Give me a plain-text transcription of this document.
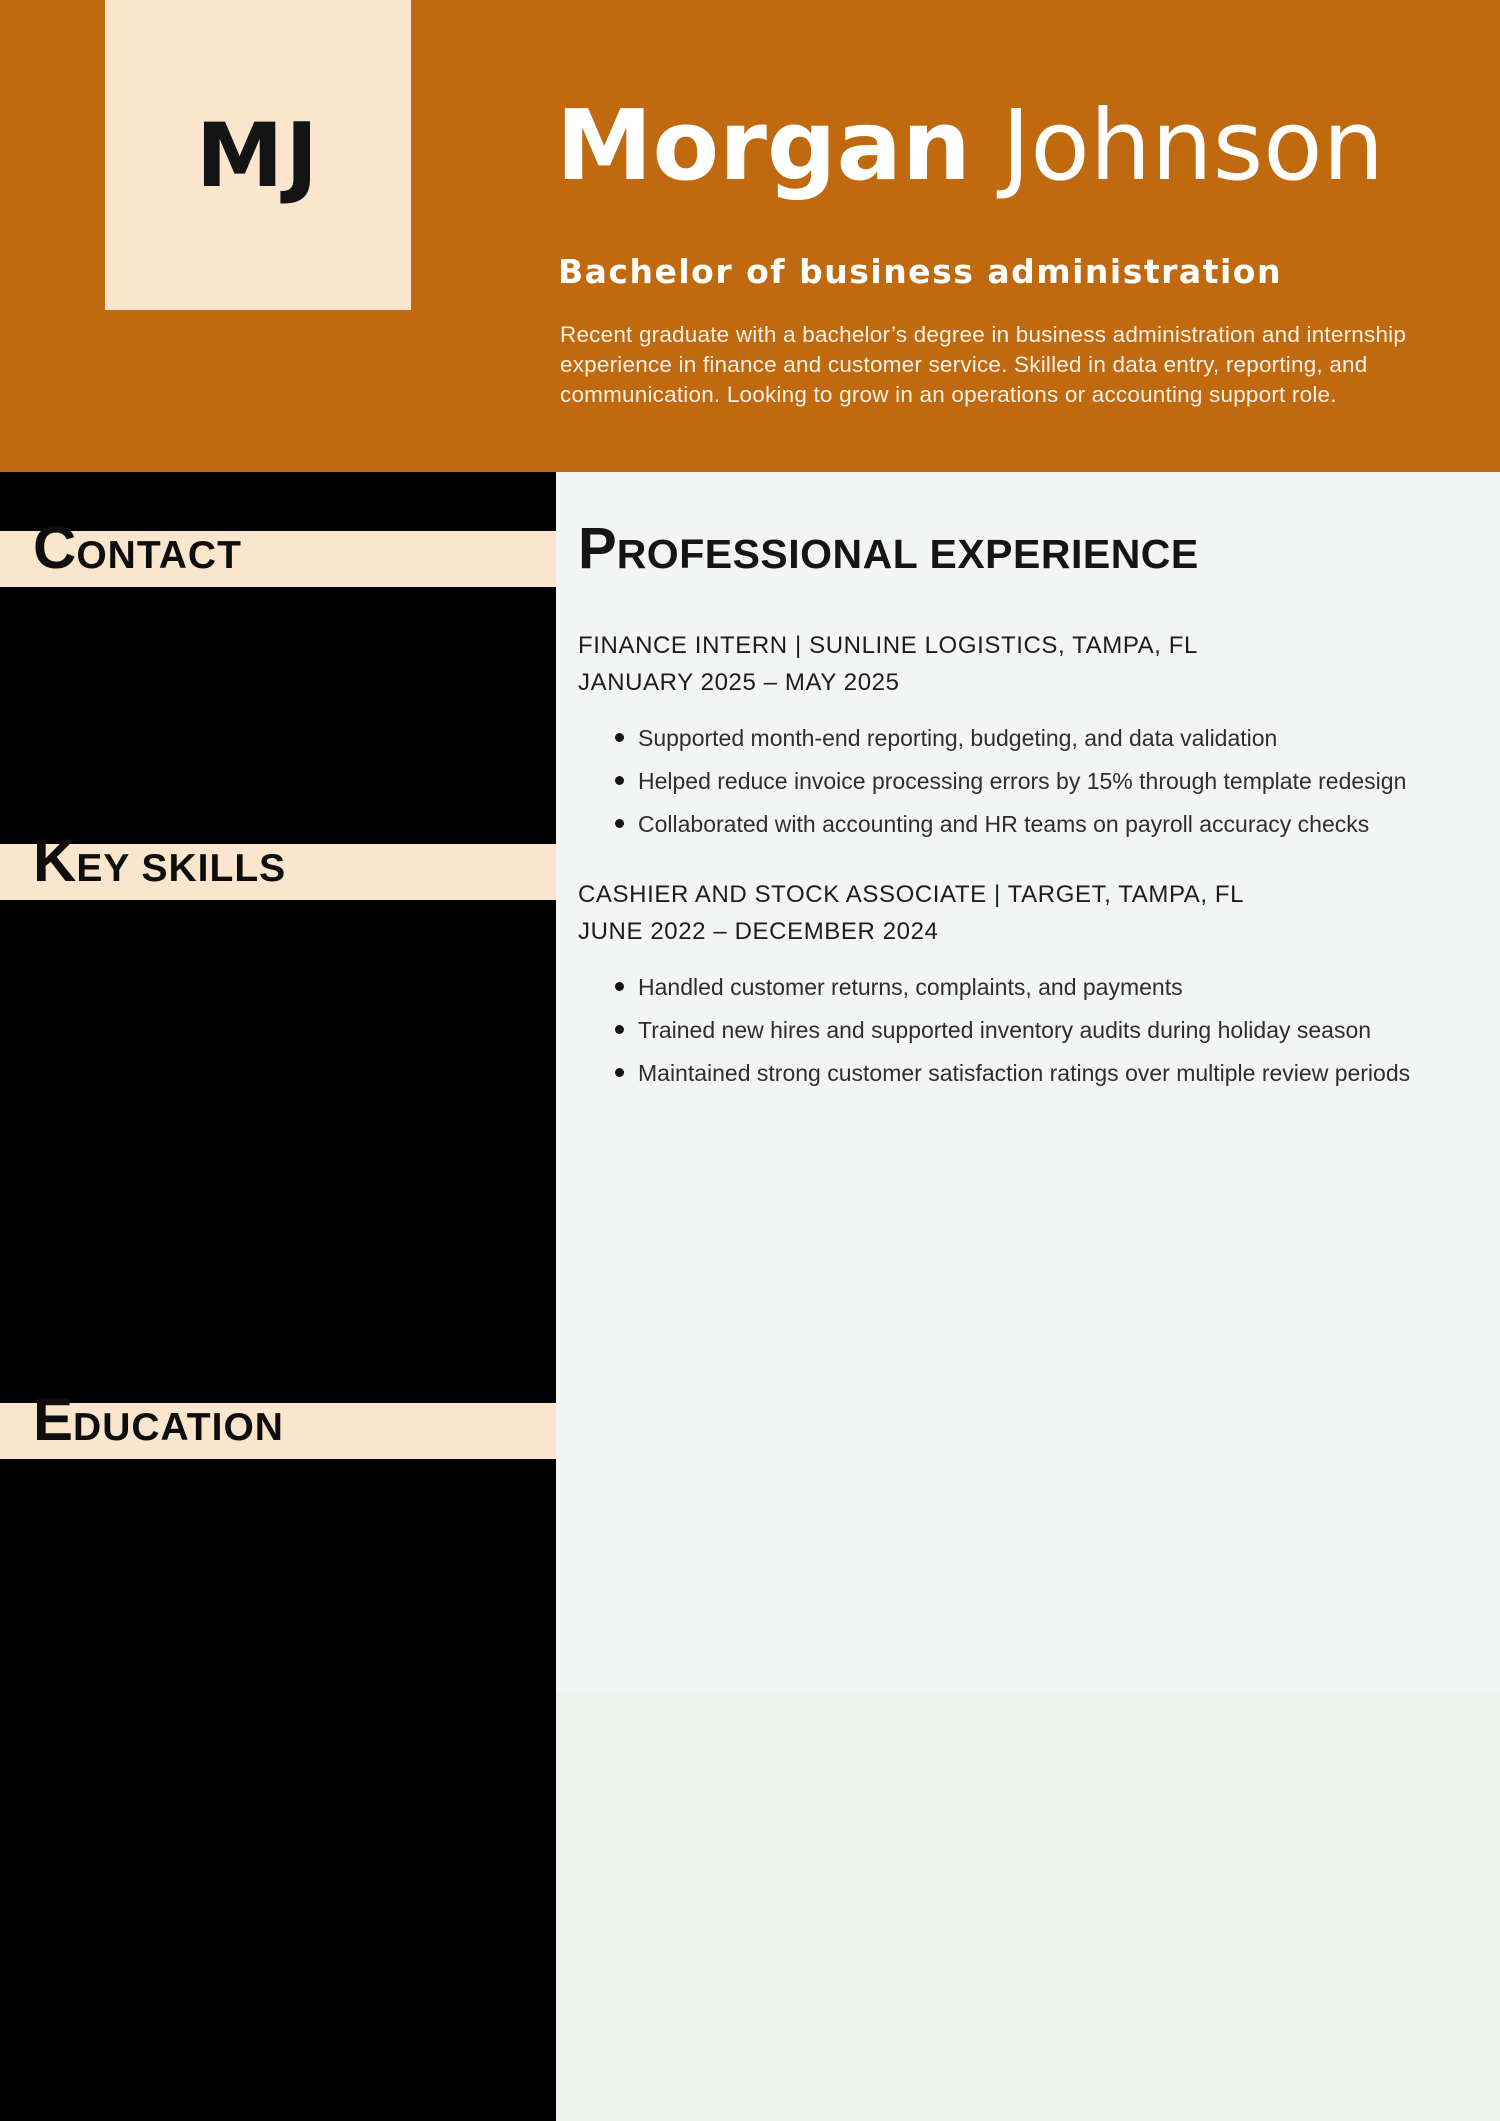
MJ Morgan Johnson
Bachelor of business administration

Recent graduate with a bachelor’s degree in business administration and internship experience in finance and customer service. Skilled in data entry, reporting, and communication. Looking to grow in an operations or accounting support role.

CONTACT
KEY SKILLS
EDUCATION
PROFESSIONAL EXPERIENCE
FINANCE INTERN | SUNLINE LOGISTICS, TAMPA, FL

JANUARY 2025 – MAY 2025

Supported month-end reporting, budgeting, and data validation
Helped reduce invoice processing errors by 15% through template redesign
Collaborated with accounting and HR teams on payroll accuracy checks
CASHIER AND STOCK ASSOCIATE | TARGET, TAMPA, FL

JUNE 2022 – DECEMBER 2024

Handled customer returns, complaints, and payments
Trained new hires and supported inventory audits during holiday season
Maintained strong customer satisfaction ratings over multiple review periods
